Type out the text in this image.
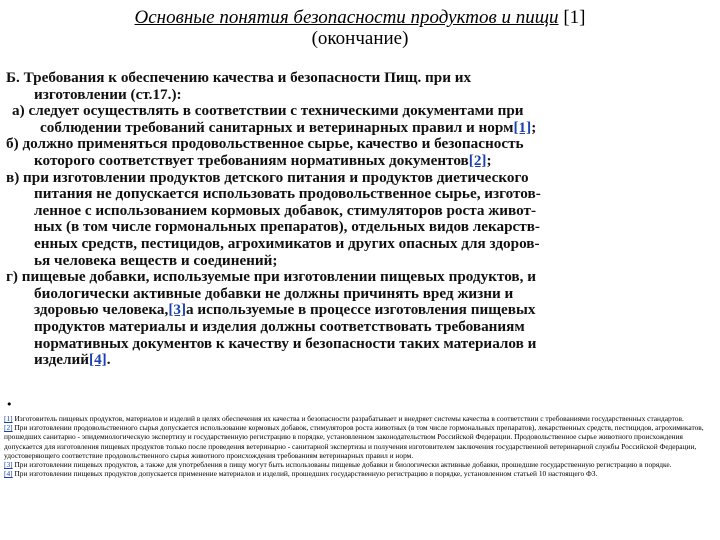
Основные понятия безопасности продуктов и пищи [1]
(окончание)

Б. Требования к обеспечению качества и безопасности Пищ. при их
изготовлении (ст.17.):

а) следует осуществлять в соответствии с техническими документами при
соблюдении требований санитарных и ветеринарных правил и норм[1];

б) должно применяться продовольственное сырье, качество и безопасность
которого соответствует требованиям нормативных документов[2];

в) при изготовлении продуктов детского питания и продуктов диетического
питания не допускается использовать продовольственное сырье, изготов-
ленное с использованием кормовых добавок, стимуляторов роста живот-
ных (в том числе гормональных препаратов), отдельных видов лекарств-
енных средств, пестицидов, агрохимикатов и других опасных для здоров-
ья человека веществ и соединений;

г) пищевые добавки, используемые при изготовлении пищевых продуктов, и
биологически активные добавки не должны причинять вред жизни и
здоровью человека,[3]а используемые в процессе изготовления пищевых
продуктов материалы и изделия должны соответствовать требованиям
нормативных документов к качеству и безопасности таких материалов и
изделий[4].

•

[1] Изготовитель пищевых продуктов, материалов и изделий в целях обеспечения их качества и безопасности разрабатывает и внедряет системы качества в соответствии с требованиями государственных стандартов.

[2] При изготовлении продовольственного сырья допускается использование кормовых добавок, стимуляторов роста животных (в том числе гормональных препаратов), лекарственных средств, пестицидов, агрохимикатов, прошедших санитарно - эпидемиологическую экспертизу и государственную регистрацию в порядке, установленном законодательством Российской Федерации. Продовольственное сырье животного происхождения допускается для изготовления пищевых продуктов только после проведения ветеринарно - санитарной экспертизы и получения изготовителем заключения государственной ветеринарной службы Российской Федерации, удостоверяющего соответствие продовольственного сырья животного происхождения требованиям ветеринарных правил и норм.

[3] При изготовлении пищевых продуктов, а также для употребления в пищу могут быть использованы пищевые добавки и биологически активные добавки, прошедшие государственную регистрацию в порядке.

[4] При изготовлении пищевых продуктов допускается применение материалов и изделий, прошедших государственную регистрацию в порядке, установленном статьей 10 настоящего ФЗ.
